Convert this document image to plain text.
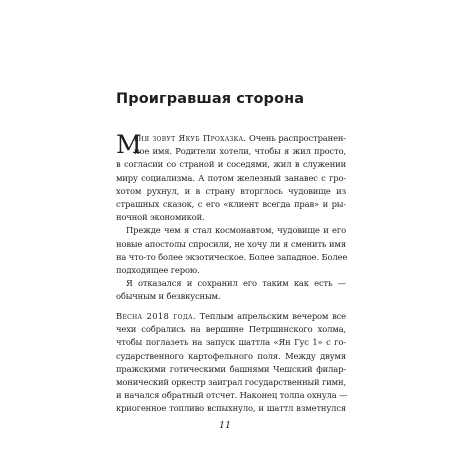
Проигравшая сторона
М
еня зовут Якуб Прохазка. Очень распространен-
ное имя. Родители хотели, чтобы я жил просто,
в согласии со страной и соседями, жил в служении
миру социализма. А потом железный занавес с гро-
хотом рухнул, и в страну вторглось чудовище из
страшных сказок, с его «клиент всегда прав» и ры-
ночной экономикой.
Прежде чем я стал космонавтом, чудовище и его
новые апостолы спросили, не хочу ли я сменить имя
на что-то более экзотическое. Более западное. Более
подходящее герою.
Я отказался и сохранил его таким как есть —
обычным и безвкусным.
Весна 2018 года. Теплым апрельским вечером все
чехи собрались на вершине Петршинского холма,
чтобы поглазеть на запуск шаттла «Ян Гус 1» с го-
сударственного картофельного поля. Между двумя
пражскими готическими башнями Чешский филар-
монический оркестр заиграл государственный гимн,
и начался обратный отсчет. Наконец толпа охнула —
криогенное топливо вспыхнуло, и шаттл взметнулся
11
